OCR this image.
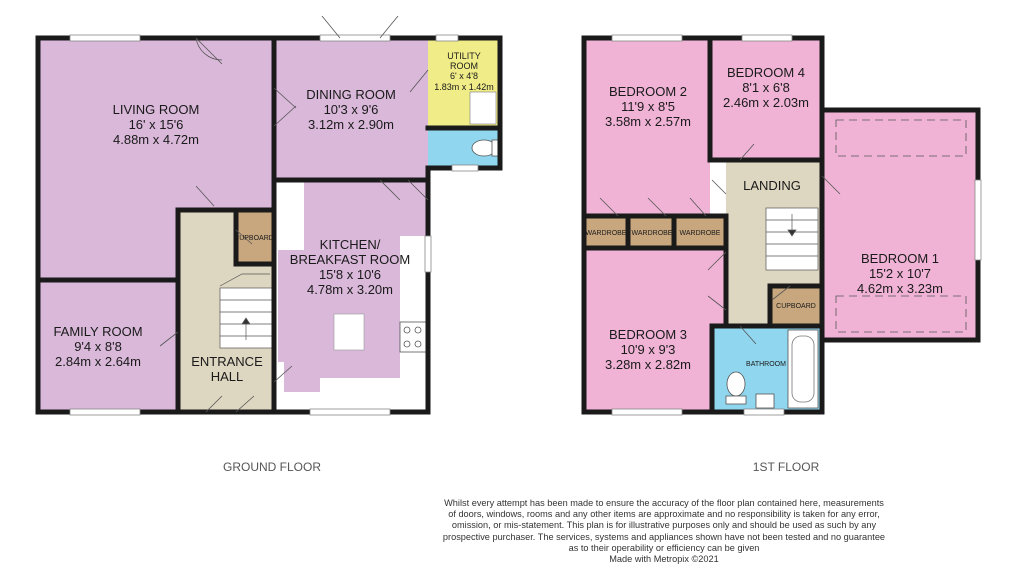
LIVING ROOM
16' x 15'6
4.88m x 4.72m
DINING ROOM
10'3 x 9'6
3.12m x 2.90m
UTILITY
ROOM
6' x 4'8
1.83m x 1.42m
KITCHEN/
BREAKFAST ROOM
15'8 x 10'6
4.78m x 3.20m
FAMILY ROOM
9'4 x 8'8
2.84m x 2.64m	ENTRANCE
HALL
CUPBOARD
GROUND FLOOR
BEDROOM 2
11'9 x 8'5
3.58m x 2.57m
BEDROOM 4
8'1 x 6'8
2.46m x 2.03m
BEDROOM 1
15'2 x 10'7
4.62m x 3.23m
BEDROOM 3
10'9 x 9'3
3.28m x 2.82m
LANDING
CUPBOARD
BATHROOM
WARDROBE WARDROBE WARDROBE
1ST FLOOR
Whilst every attempt has been made to ensure the accuracy of the floor plan contained here, measurements
of doors, windows, rooms and any other items are approximate and no responsibility is taken for any error,
omission, or mis-statement. This plan is for illustrative purposes only and should be used as such by any
prospective purchaser. The services, systems and appliances shown have not been tested and no guarantee
as to their operability or efficiency can be given
Made with Metropix ©2021
